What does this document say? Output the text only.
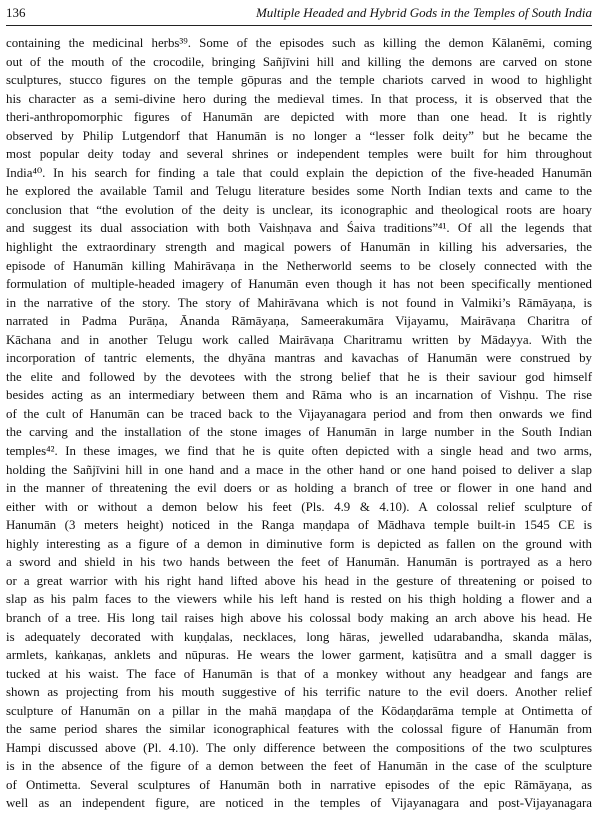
136	Multiple Headed and Hybrid Gods in the Temples of South India
containing the medicinal herbs³⁹. Some of the episodes such as killing the demon Kālanēmi, coming
out of the mouth of the crocodile, bringing Sañjīvini hill and killing the demons are carved on stone
sculptures, stucco figures on the temple gōpuras and the temple chariots carved in wood to highlight
his character as a semi-divine hero during the medieval times. In that process, it is observed that the
theri-anthropomorphic figures of Hanumān are depicted with more than one head. It is rightly
observed by Philip Lutgendorf that Hanumān is no longer a “lesser folk deity” but he became the
most popular deity today and several shrines or independent temples were built for him throughout
India⁴⁰. In his search for finding a tale that could explain the depiction of the five-headed Hanumān
he explored the available Tamil and Telugu literature besides some North Indian texts and came to the
conclusion that “the evolution of the deity is unclear, its iconographic and theological roots are hoary
and suggest its dual association with both Vaishṇava and Śaiva traditions”⁴¹. Of all the legends that
highlight the extraordinary strength and magical powers of Hanumān in killing his adversaries, the
episode of Hanumān killing Mahirāvaṇa in the Netherworld seems to be closely connected with the
formulation of multiple-headed imagery of Hanumān even though it has not been specifically mentioned
in the narrative of the story. The story of Mahirāvana which is not found in Valmiki’s Rāmāyaṇa, is
narrated in Padma Purāṇa, Ānanda Rāmāyaṇa, Sameerakumāra Vijayamu, Mairāvaṇa Charitra of
Kāchana and in another Telugu work called Mairāvaṇa Charitramu written by Mādayya. With the
incorporation of tantric elements, the dhyāna mantras and kavachas of Hanumān were construed by
the elite and followed by the devotees with the strong belief that he is their saviour god himself
besides acting as an intermediary between them and Rāma who is an incarnation of Vishṇu. The rise
of the cult of Hanumān can be traced back to the Vijayanagara period and from then onwards we find
the carving and the installation of the stone images of Hanumān in large number in the South Indian
temples⁴². In these images, we find that he is quite often depicted with a single head and two arms,
holding the Sañjīvini hill in one hand and a mace in the other hand or one hand poised to deliver a slap
in the manner of threatening the evil doers or as holding a branch of tree or flower in one hand and
either with or without a demon below his feet (Pls. 4.9 & 4.10). A colossal relief sculpture of
Hanumān (3 meters height) noticed in the Ranga maṇḍapa of Mādhava temple built-in 1545 CE is
highly interesting as a figure of a demon in diminutive form is depicted as fallen on the ground with
a sword and shield in his two hands between the feet of Hanumān. Hanumān is portrayed as a hero
or a great warrior with his right hand lifted above his head in the gesture of threatening or poised to
slap as his palm faces to the viewers while his left hand is rested on his thigh holding a flower and a
branch of a tree. His long tail raises high above his colossal body making an arch above his head. He
is adequately decorated with kuṇḍalas, necklaces, long hāras, jewelled udarabandha, skanda mālas,
armlets, kaṅkaṇas, anklets and nūpuras. He wears the lower garment, kaṭisūtra and a small dagger is
tucked at his waist. The face of Hanumān is that of a monkey without any headgear and fangs are
shown as projecting from his mouth suggestive of his terrific nature to the evil doers. Another relief
sculpture of Hanumān on a pillar in the mahā maṇḍapa of the Kōdaṇḍarāma temple at Ontimetta of
the same period shares the similar iconographical features with the colossal figure of Hanumān from
Hampi discussed above (Pl. 4.10). The only difference between the compositions of the two sculptures
is in the absence of the figure of a demon between the feet of Hanumān in the case of the sculpture
of Ontimetta. Several sculptures of Hanumān both in narrative episodes of the epic Rāmāyaṇa, as
well as an independent figure, are noticed in the temples of Vijayanagara and post-Vijayanagara
